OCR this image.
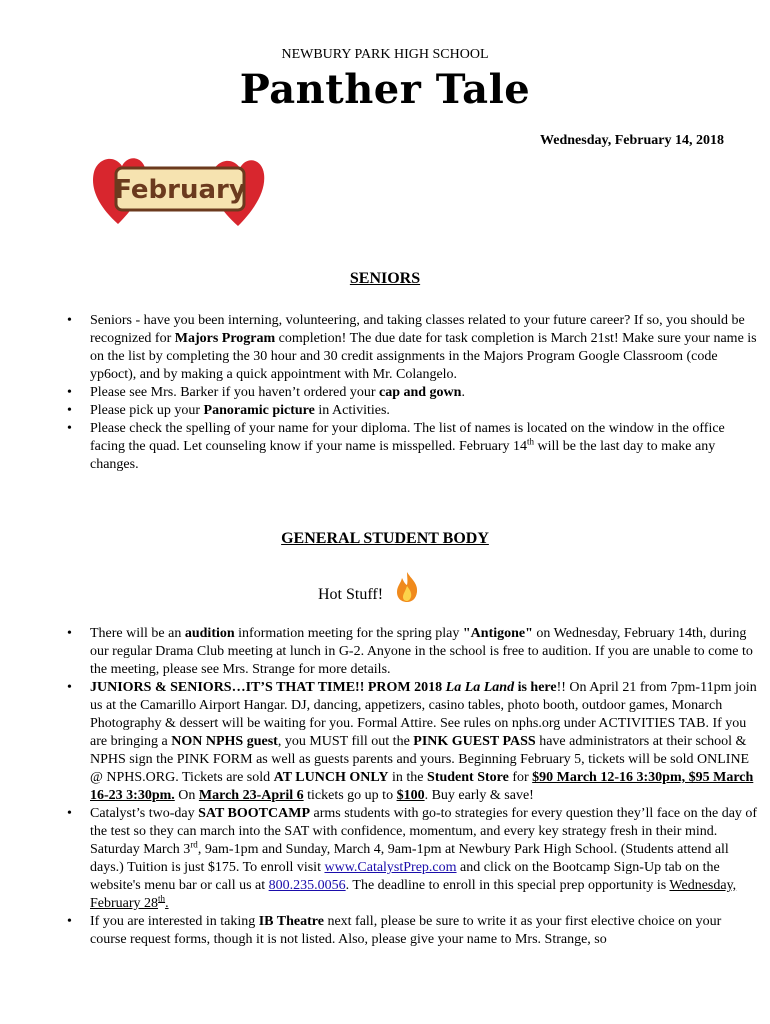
NEWBURY PARK HIGH SCHOOL
Panther Tale
Wednesday, February 14, 2018
February
SENIORS
• Seniors - have you been interning, volunteering, and taking classes related to your future career? If so, you should be recognized for Majors Program completion! The due date for task completion is March 21st! Make sure your name is on the list by completing the 30 hour and 30 credit assignments in the Majors Program Google Classroom (code yp6oct), and by making a quick appointment with Mr. Colangelo.
• Please see Mrs. Barker if you haven’t ordered your cap and gown.
• Please pick up your Panoramic picture in Activities.
• Please check the spelling of your name for your diploma. The list of names is located on the window in the office facing the quad. Let counseling know if your name is misspelled. February 14th will be the last day to make any changes.
GENERAL STUDENT BODY
Hot Stuff!
• There will be an audition information meeting for the spring play "Antigone" on Wednesday, February 14th, during our regular Drama Club meeting at lunch in G-2. Anyone in the school is free to audition. If you are unable to come to the meeting, please see Mrs. Strange for more details.
• JUNIORS & SENIORS…IT’S THAT TIME!! PROM 2018 La La Land is here!! On April 21 from 7pm-11pm join us at the Camarillo Airport Hangar. DJ, dancing, appetizers, casino tables, photo booth, outdoor games, Monarch Photography & dessert will be waiting for you. Formal Attire. See rules on nphs.org under ACTIVITIES TAB. If you are bringing a NON NPHS guest, you MUST fill out the PINK GUEST PASS have administrators at their school & NPHS sign the PINK FORM as well as guests parents and yours. Beginning February 5, tickets will be sold ONLINE @ NPHS.ORG. Tickets are sold AT LUNCH ONLY in the Student Store for $90 March 12-16 3:30pm, $95 March 16-23 3:30pm. On March 23-April 6 tickets go up to $100. Buy early & save!
• Catalyst’s two-day SAT BOOTCAMP arms students with go-to strategies for every question they’ll face on the day of the test so they can march into the SAT with confidence, momentum, and every key strategy fresh in their mind. Saturday March 3rd, 9am-1pm and Sunday, March 4, 9am-1pm at Newbury Park High School. (Students attend all days.) Tuition is just $175. To enroll visit www.CatalystPrep.com and click on the Bootcamp Sign-Up tab on the website's menu bar or call us at 800.235.0056. The deadline to enroll in this special prep opportunity is Wednesday, February 28th.
• If you are interested in taking IB Theatre next fall, please be sure to write it as your first elective choice on your course request forms, though it is not listed. Also, please give your name to Mrs. Strange, so
